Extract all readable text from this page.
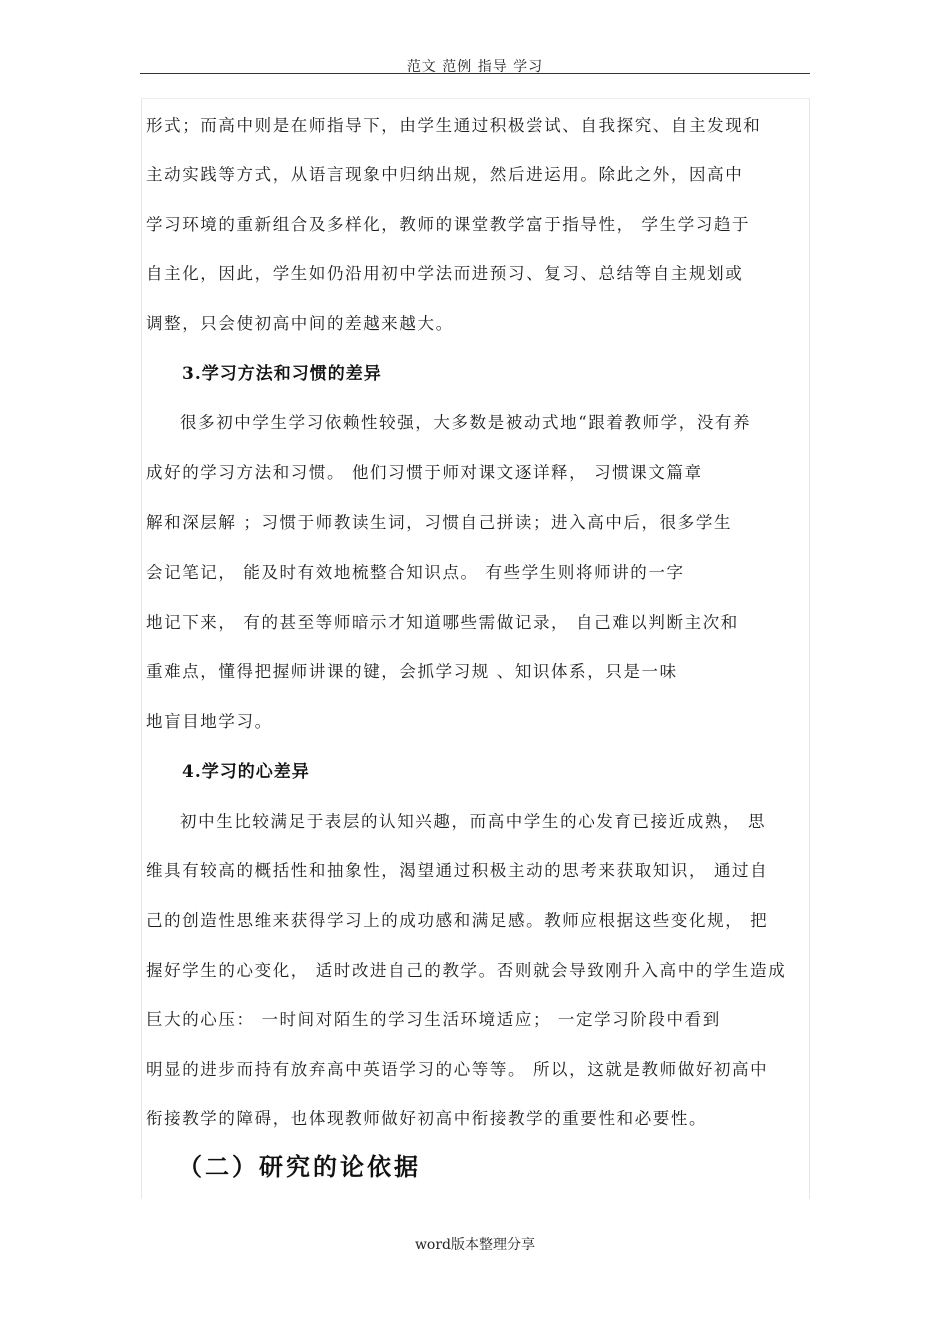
范文 范例 指导 学习
形式；而高中则是在师指导下，由学生通过积极尝试、自我探究、自主发现和
主动实践等方式，从语言现象中归纳出规，然后进运用。除此之外，因高中
学习环境的重新组合及多样化，教师的课堂教学富于指导性， 学生学习趋于
自主化，因此，学生如仍沿用初中学法而进预习、复习、总结等自主规划或
调整，只会使初高中间的差越来越大。
3.学习方法和习惯的差异
很多初中学生学习依赖性较强，大多数是被动式地“跟着教师学，没有养
成好的学习方法和习惯。 他们习惯于师对课文逐详释， 习惯课文篇章
解和深层解 ；习惯于师教读生词，习惯自己拼读；进入高中后，很多学生
会记笔记， 能及时有效地梳整合知识点。 有些学生则将师讲的一字
地记下来， 有的甚至等师暗示才知道哪些需做记录， 自己难以判断主次和
重难点，懂得把握师讲课的键，会抓学习规 、知识体系，只是一味
地盲目地学习。
4.学习的心差异
初中生比较满足于表层的认知兴趣，而高中学生的心发育已接近成熟， 思
维具有较高的概括性和抽象性，渴望通过积极主动的思考来获取知识， 通过自
己的创造性思维来获得学习上的成功感和满足感。教师应根据这些变化规， 把
握好学生的心变化， 适时改进自己的教学。否则就会导致刚升入高中的学生造成
巨大的心压： 一时间对陌生的学习生活环境适应； 一定学习阶段中看到
明显的进步而持有放弃高中英语学习的心等等。 所以，这就是教师做好初高中
衔接教学的障碍，也体现教师做好初高中衔接教学的重要性和必要性。
（二）研究的论依据
word版本整理分享
